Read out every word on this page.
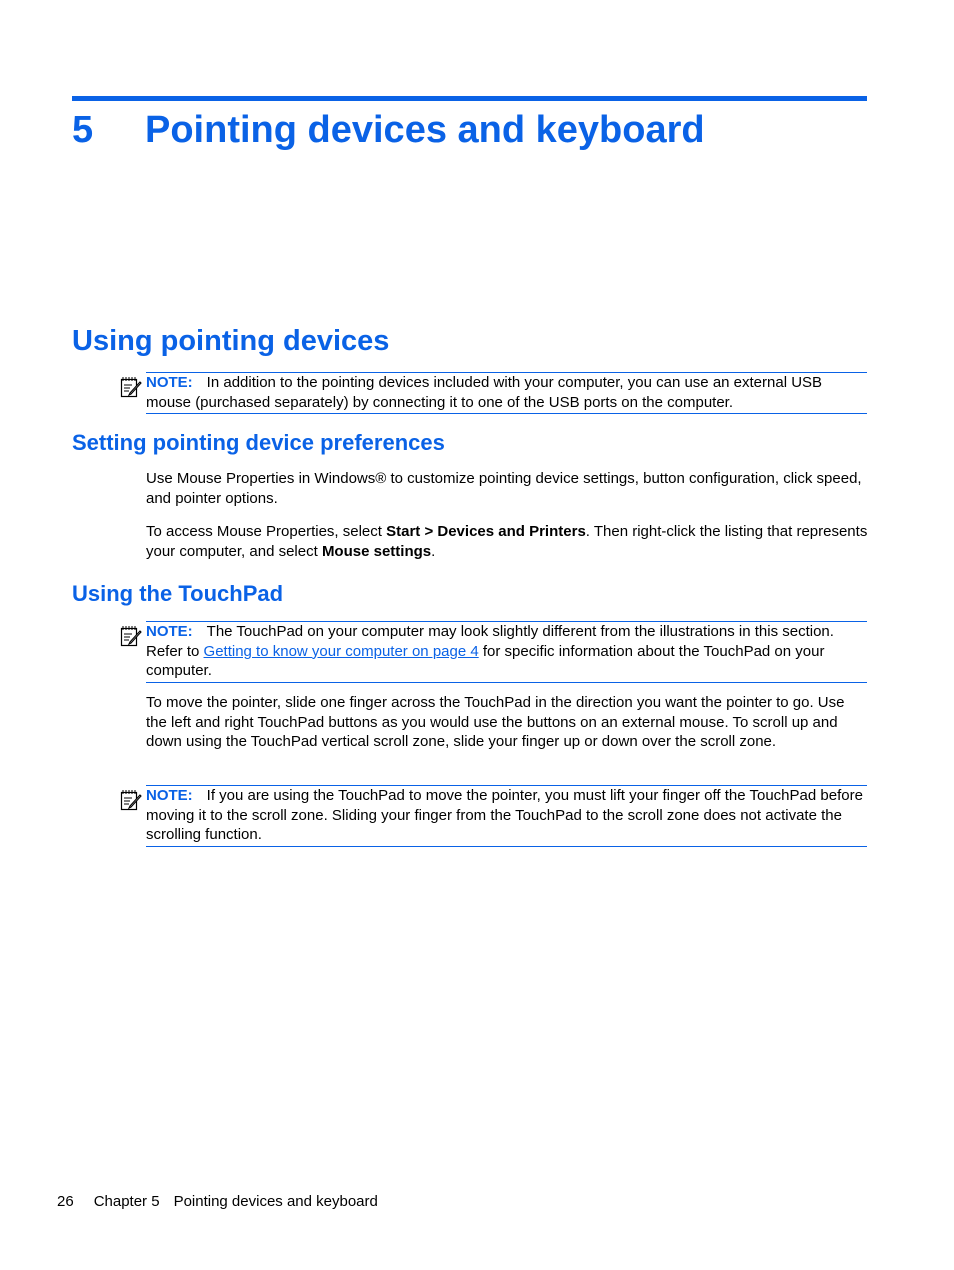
5 Pointing devices and keyboard
Using pointing devices
NOTE: In addition to the pointing devices included with your computer, you can use an external USB mouse (purchased separately) by connecting it to one of the USB ports on the computer.
Setting pointing device preferences
Use Mouse Properties in Windows® to customize pointing device settings, button configuration, click speed, and pointer options.
To access Mouse Properties, select Start > Devices and Printers. Then right-click the listing that represents your computer, and select Mouse settings.
Using the TouchPad
NOTE: The TouchPad on your computer may look slightly different from the illustrations in this section. Refer to Getting to know your computer on page 4 for specific information about the TouchPad on your computer.
To move the pointer, slide one finger across the TouchPad in the direction you want the pointer to go. Use the left and right TouchPad buttons as you would use the buttons on an external mouse. To scroll up and down using the TouchPad vertical scroll zone, slide your finger up or down over the scroll zone.
NOTE: If you are using the TouchPad to move the pointer, you must lift your finger off the TouchPad before moving it to the scroll zone. Sliding your finger from the TouchPad to the scroll zone does not activate the scrolling function.
26 Chapter 5 Pointing devices and keyboard
